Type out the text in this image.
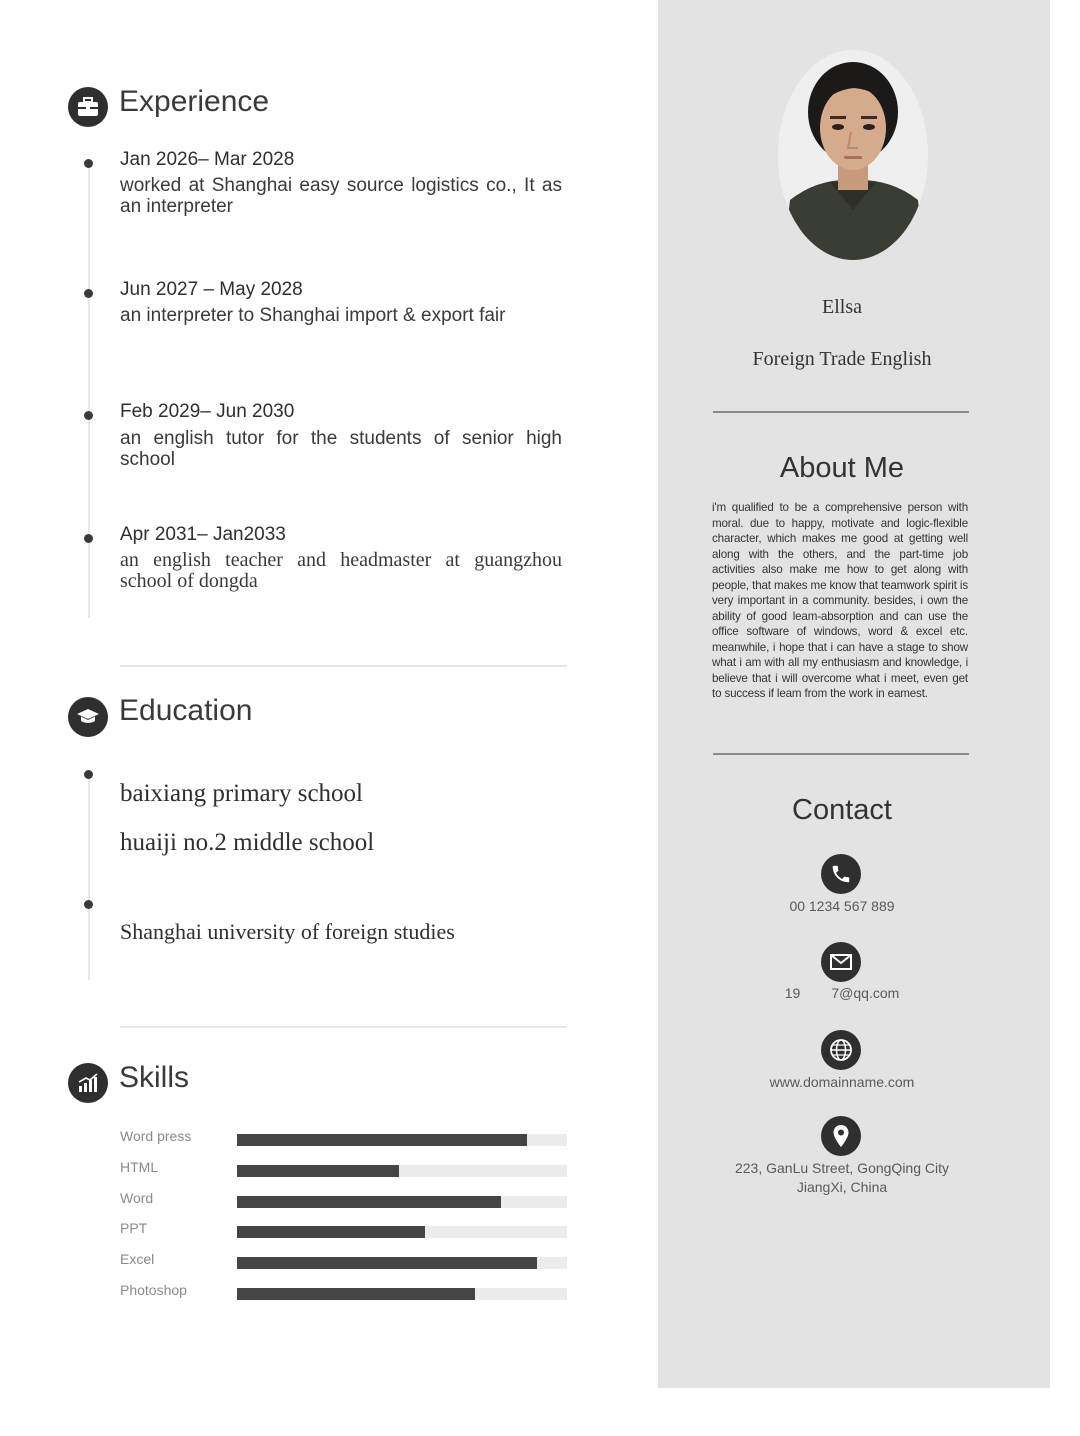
Ellsa
Foreign Trade English
About Me
i'm qualified to be a comprehensive person with moral. due to happy, motivate and logic-flexible character, which makes me good at getting well along with the others, and the part-time job activities also make me how to get along with people, that makes me know that teamwork spirit is very important in a community. besides, i own the ability of good leam-absorption and can use the office software of windows, word & excel etc. meanwhile, i hope that i can have a stage to show what i am with all my enthusiasm and knowledge, i believe that i will overcome what i meet, even get to success if leam from the work in eamest.
Contact
00 1234 567 889
19        7@qq.com
www.domainname.com
223, GanLu Street, GongQing City
JiangXi, China
Experience
Jan 2026– Mar 2028
worked at Shanghai easy source logistics co., It as an interpreter
Jun 2027 – May 2028
an interpreter to Shanghai import & export fair
Feb 2029– Jun 2030
an english tutor for the students of senior high school
Apr 2031– Jan2033
an english teacher and headmaster at guangzhou school of dongda
Education
baixiang primary school
huaiji no.2 middle school
Shanghai university of foreign studies
Skills
Word press
HTML
Word
PPT
Excel
Photoshop
